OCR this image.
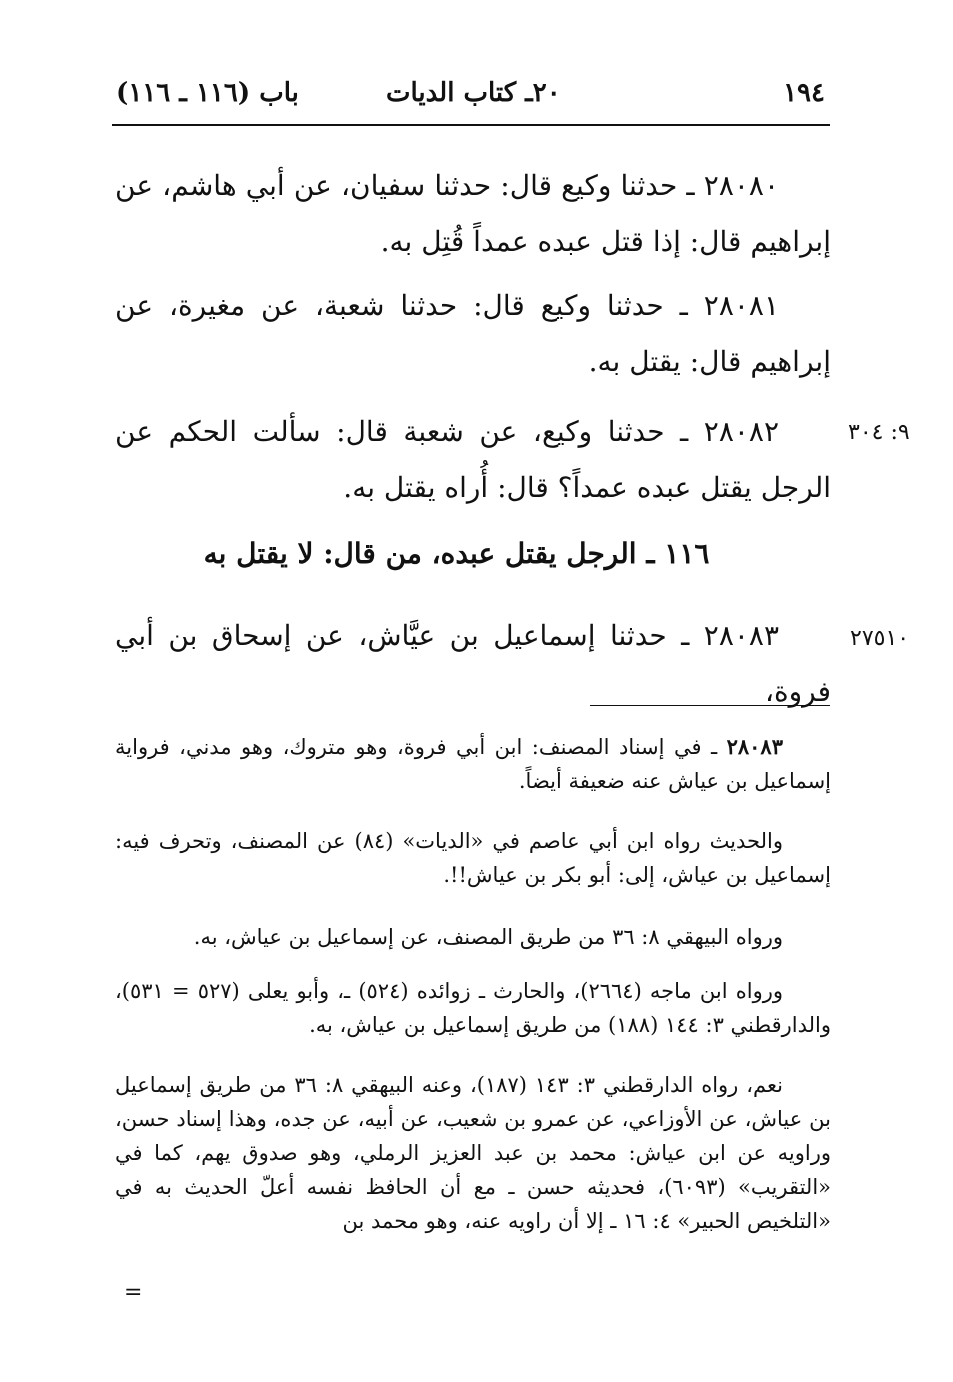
١٩٤
٢٠ـ كتاب الديات
باب (١١٦ ـ ١١٦)
٢٨٠٨٠ ـ حدثنا وكيع قال: حدثنا سفيان، عن أبي هاشم، عن إبراهيم قال: إذا قتل عبده عمداً قُتِل به.
٢٨٠٨١ ـ حدثنا وكيع قال: حدثنا شعبة، عن مغيرة، عن إبراهيم قال: يقتل به.
٢٨٠٨٢ ـ حدثنا وكيع، عن شعبة قال: سألت الحكم عن الرجل يقتل عبده عمداً؟ قال: أُراه يقتل به.
٩: ٣٠٤
١١٦ ـ الرجل يقتل عبده، من قال: لا يقتل به
٢٨٠٨٣ ـ حدثنا إسماعيل بن عيَّاش، عن إسحاق بن أبي فروة،
٢٧٥١٠
٢٨٠٨٣ ـ في إسناد المصنف: ابن أبي فروة، وهو متروك، وهو مدني، فرواية إسماعيل بن عياش عنه ضعيفة أيضاً.
والحديث رواه ابن أبي عاصم في «الديات» (٨٤) عن المصنف، وتحرف فيه: إسماعيل بن عياش، إلى: أبو بكر بن عياش!!.
ورواه البيهقي ٨: ٣٦ من طريق المصنف، عن إسماعيل بن عياش، به.
ورواه ابن ماجه (٢٦٦٤)، والحارث ـ زوائده (٥٢٤) ـ، وأبو يعلى (٥٢٧ = ٥٣١)، والدارقطني ٣: ١٤٤ (١٨٨) من طريق إسماعيل بن عياش، به.
نعم، رواه الدارقطني ٣: ١٤٣ (١٨٧)، وعنه البيهقي ٨: ٣٦ من طريق إسماعيل بن عياش، عن الأوزاعي، عن عمرو بن شعيب، عن أبيه، عن جده، وهذا إسناد حسن، وراويه عن ابن عياش: محمد بن عبد العزيز الرملي، وهو صدوق يهم، كما في «التقريب» (٦٠٩٣)، فحديثه حسن ـ مع أن الحافظ نفسه أعلّ الحديث به في «التلخيص الحبير» ٤: ١٦ ـ إلا أن راويه عنه، وهو محمد بن
=
